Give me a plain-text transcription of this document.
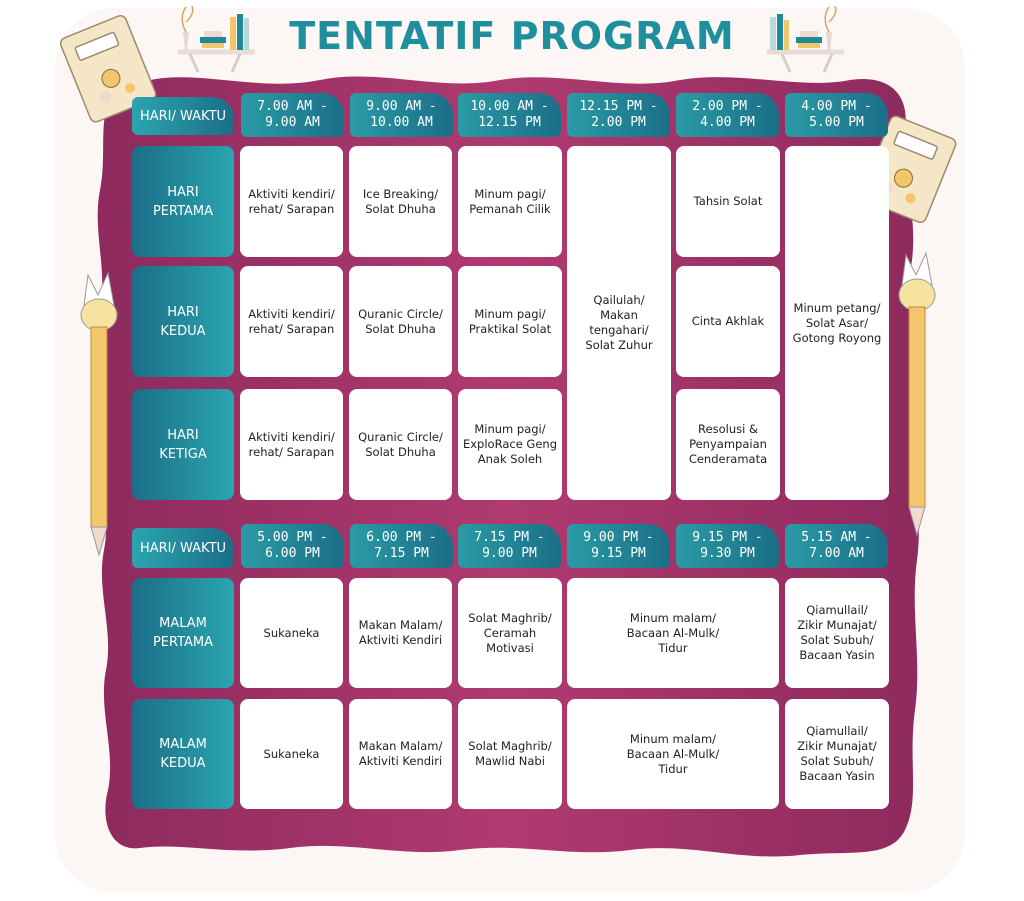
TENTATIF PROGRAM
HARI/ WAKTU
7.00 AM -
9.00 AM
9.00 AM -
10.00 AM
10.00 AM -
12.15 PM
12.15 PM -
2.00 PM
2.00 PM -
4.00 PM
4.00 PM -
5.00 PM
HARI
PERTAMA
HARI
KEDUA
HARI
KETIGA
Aktiviti kendiri/
rehat/ Sarapan
Ice Breaking/
Solat Dhuha
Minum pagi/
Pemanah Cilik
Qailulah/
Makan
tengahari/
Solat Zuhur
Tahsin Solat
Minum petang/
Solat Asar/
Gotong Royong
Aktiviti kendiri/
rehat/ Sarapan
Quranic Circle/
Solat Dhuha
Minum pagi/
Praktikal Solat
Cinta Akhlak
Aktiviti kendiri/
rehat/ Sarapan
Quranic Circle/
Solat Dhuha
Minum pagi/
ExploRace Geng
Anak Soleh
Resolusi &
Penyampaian
Cenderamata
HARI/ WAKTU
5.00 PM -
6.00 PM
6.00 PM -
7.15 PM
7.15 PM -
9.00 PM
9.00 PM -
9.15 PM
9.15 PM -
9.30 PM
5.15 AM -
7.00 AM
MALAM
PERTAMA
MALAM
KEDUA
Sukaneka
Makan Malam/
Aktiviti Kendiri
Solat Maghrib/
Ceramah
Motivasi
Minum malam/
Bacaan Al-Mulk/
Tidur
Qiamullail/
Zikir Munajat/
Solat Subuh/
Bacaan Yasin
Sukaneka
Makan Malam/
Aktiviti Kendiri
Solat Maghrib/
Mawlid Nabi
Minum malam/
Bacaan Al-Mulk/
Tidur
Qiamullail/
Zikir Munajat/
Solat Subuh/
Bacaan Yasin
